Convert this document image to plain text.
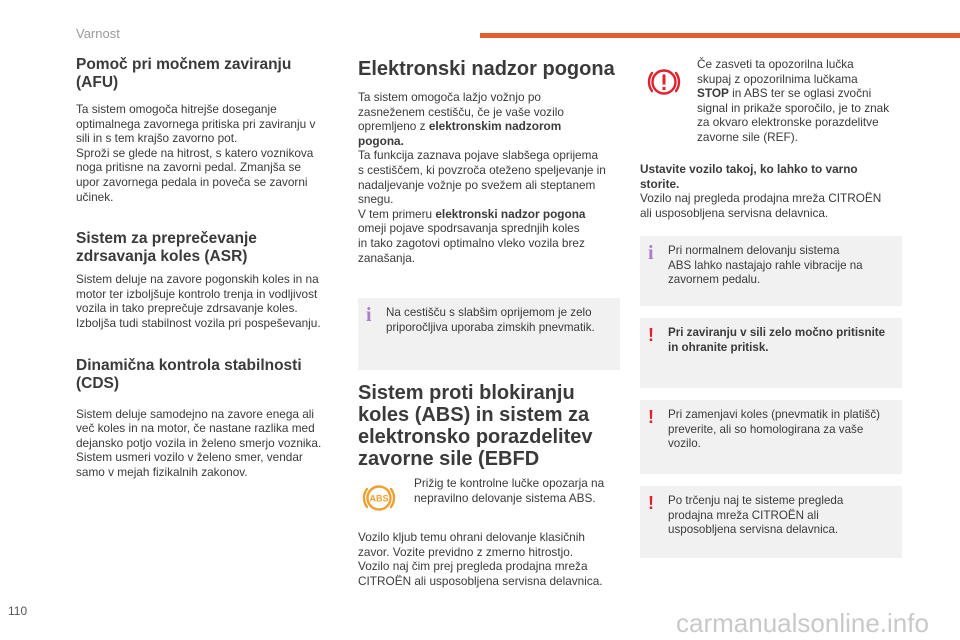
Varnost
Pomoč pri močnem zaviranju
(AFU)

Ta sistem omogoča hitrejše doseganje
optimalnega zavornega pritiska pri zaviranju v
sili in s tem krajšo zavorno pot.
Sproži se glede na hitrost, s katero voznikova
noga pritisne na zavorni pedal. Zmanjša se
upor zavornega pedala in poveča se zavorni
učinek.

Sistem za preprečevanje
zdrsavanja koles (ASR)

Sistem deluje na zavore pogonskih koles in na
motor ter izboljšuje kontrolo trenja in vodljivost
vozila in tako preprečuje zdrsavanje koles.
Izboljša tudi stabilnost vozila pri pospeševanju.

Dinamična kontrola stabilnosti
(CDS)

Sistem deluje samodejno na zavore enega ali
več koles in na motor, če nastane razlika med
dejansko potjo vozila in želeno smerjo voznika.
Sistem usmeri vozilo v želeno smer, vendar
samo v mejah fizikalnih zakonov.

Elektronski nadzor pogona

Ta sistem omogoča lažjo vožnjo po
zasneženem cestišču, če je vaše vozilo
opremljeno z elektronskim nadzorom
pogona.
Ta funkcija zaznava pojave slabšega oprijema
s cestiščem, ki povzroča oteženo speljevanje in
nadaljevanje vožnje po svežem ali steptanem
snegu.
V tem primeru elektronski nadzor pogona
omeji pojave spodrsavanja sprednjih koles
in tako zagotovi optimalno vleko vozila brez
zanašanja.

i Na cestišču s slabšim oprijemom je zelo
priporočljiva uporaba zimskih pnevmatik.
Sistem proti blokiranju
koles (ABS) in sistem za
elektronsko porazdelitev
zavorne sile (EBFD
ABS

Prižig te kontrolne lučke opozarja na
nepravilno delovanje sistema ABS.

Vozilo kljub temu ohrani delovanje klasičnih
zavor. Vozite previdno z zmerno hitrostjo.
Vozilo naj čim prej pregleda prodajna mreža
CITROËN ali usposobljena servisna delavnica.

Če zasveti ta opozorilna lučka
skupaj z opozorilnima lučkama
STOP in ABS ter se oglasi zvočni
signal in prikaže sporočilo, je to znak
za okvaro elektronske porazdelitve
zavorne sile (REF).

Ustavite vozilo takoj, ko lahko to varno
storite.
Vozilo naj pregleda prodajna mreža CITROËN
ali usposobljena servisna delavnica.

i Pri normalnem delovanju sistema
ABS lahko nastajajo rahle vibracije na
zavornem pedalu.
! Pri zaviranju v sili zelo močno pritisnite
in ohranite pritisk.
! Pri zamenjavi koles (pnevmatik in platišč)
preverite, ali so homologirana za vaše
vozilo.
! Po trčenju naj te sisteme pregleda
prodajna mreža CITROËN ali
usposobljena servisna delavnica.
110	carmanualsonline.info
